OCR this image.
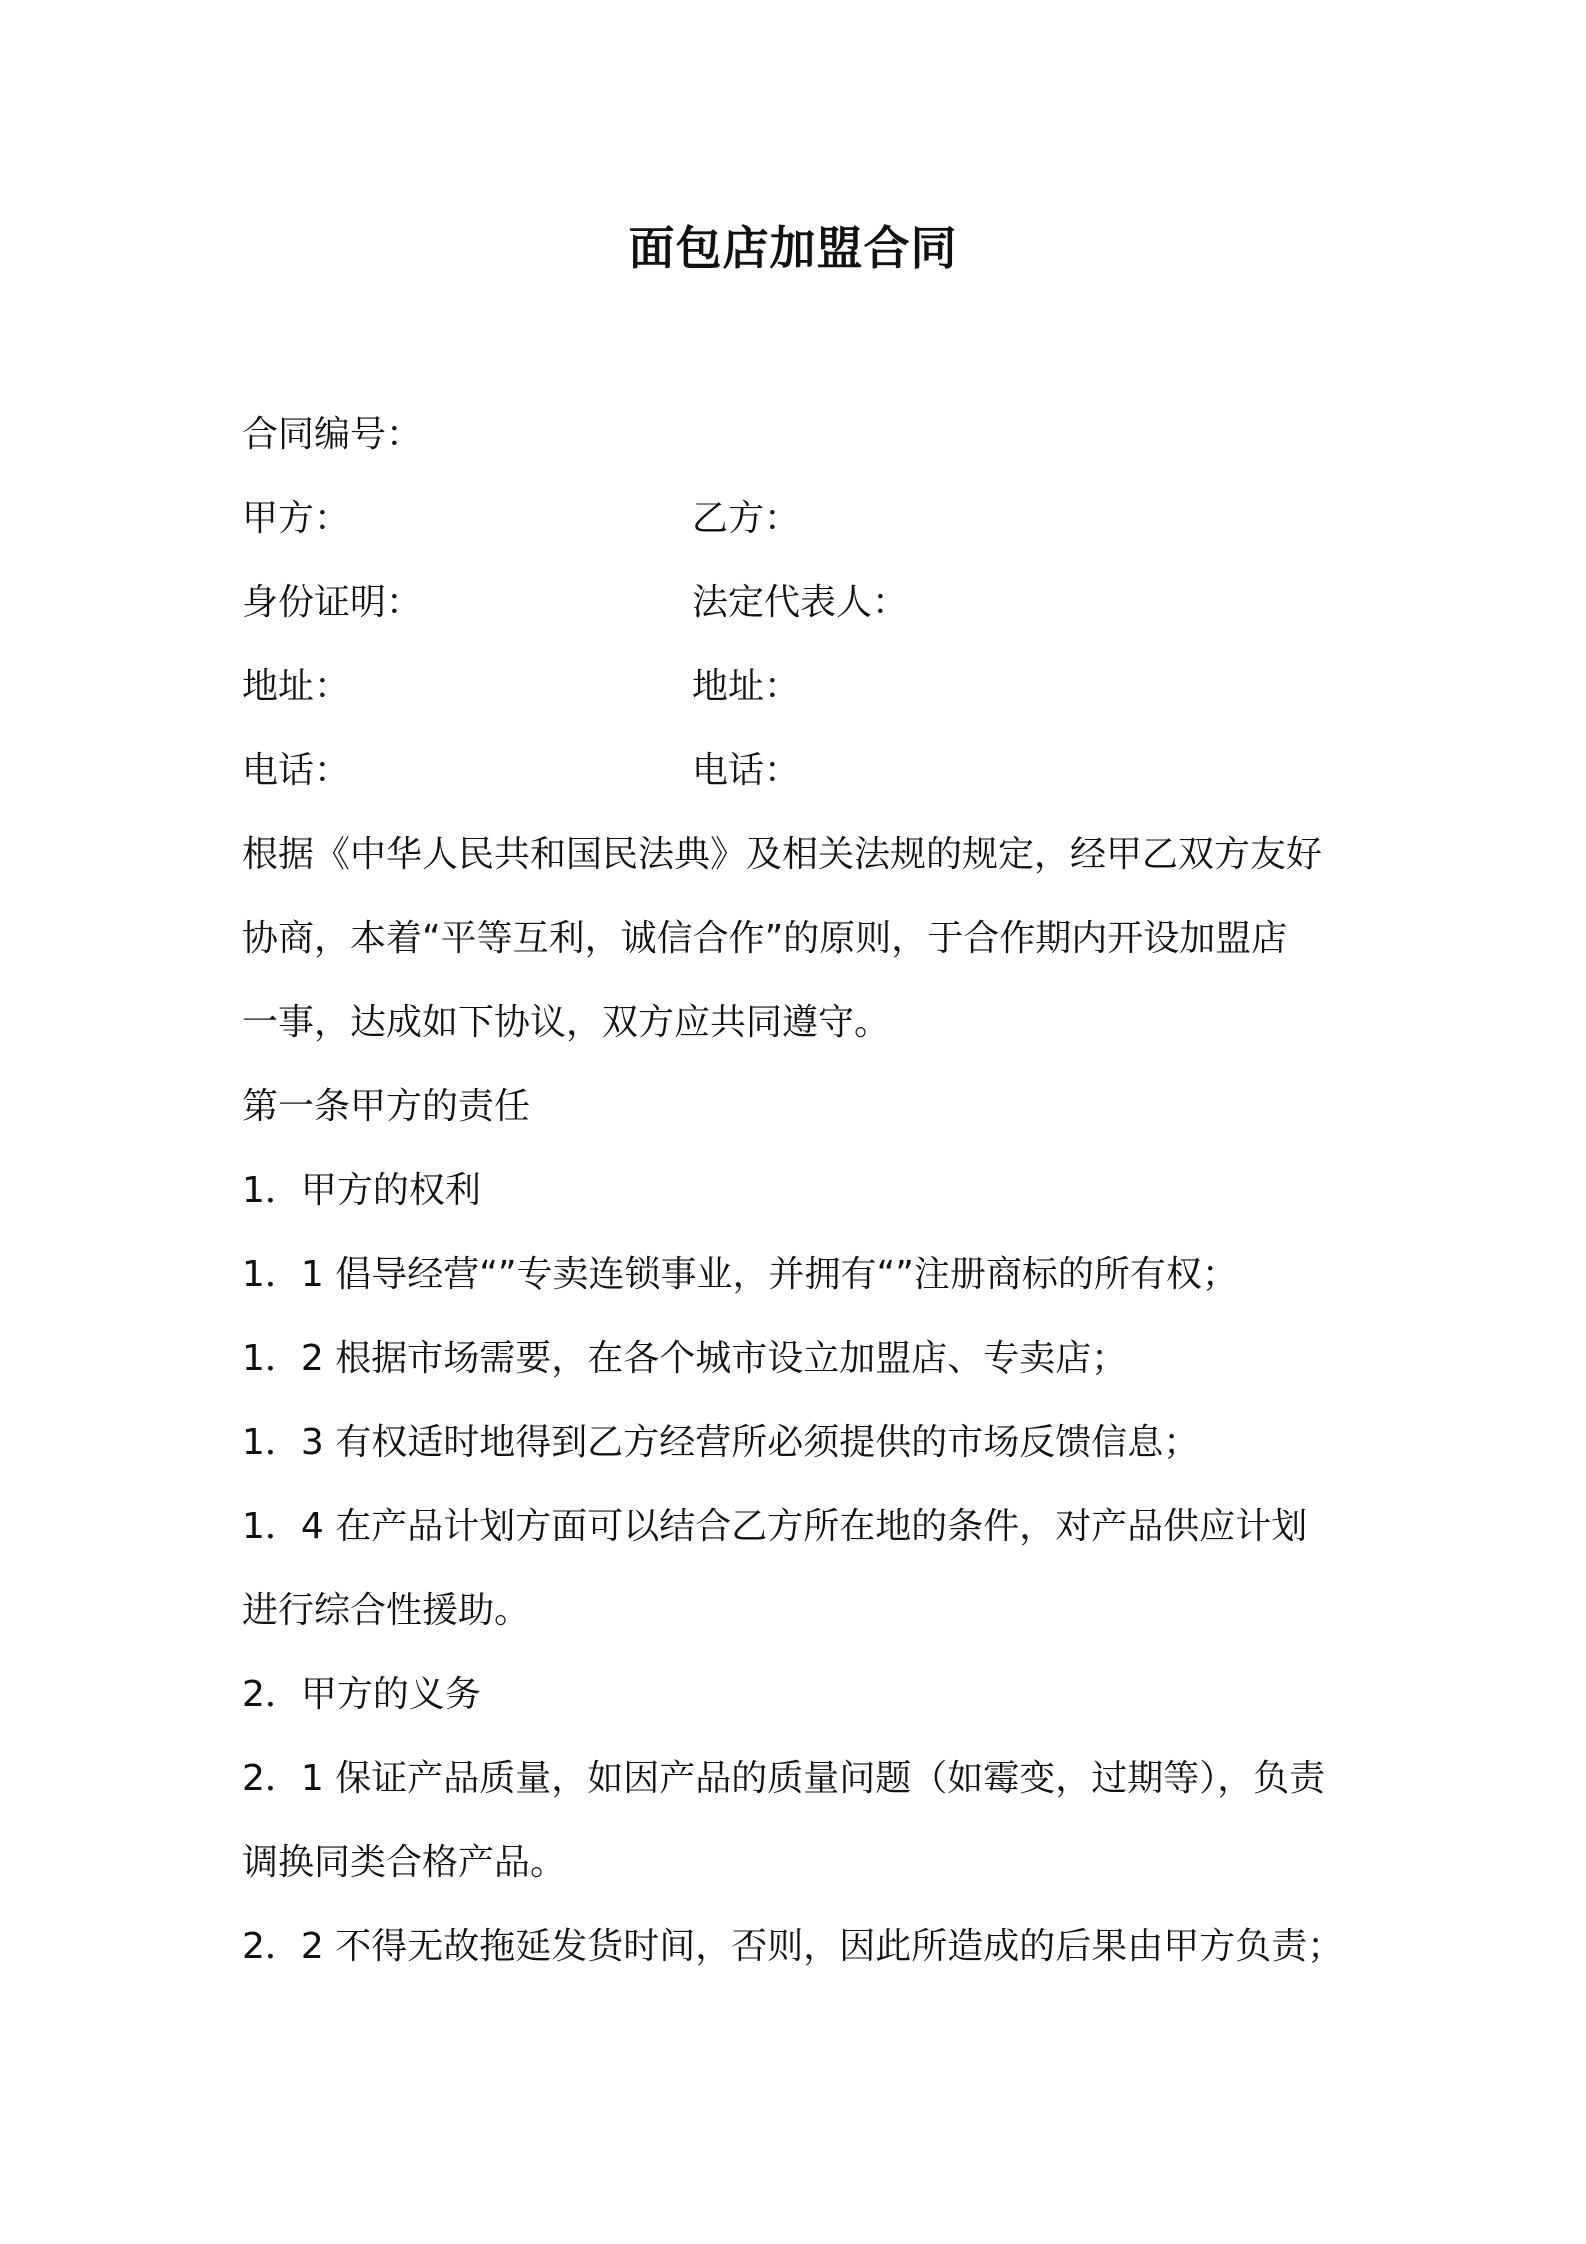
面包店加盟合同
合同编号：
甲方：	乙方：
身份证明：	法定代表人：
地址：	地址：
电话：	电话：
根据《中华人民共和国民法典》及相关法规的规定，经甲乙双方友好
协商，本着“平等互利，诚信合作”的原则，于合作期内开设加盟店
一事，达成如下协议，双方应共同遵守。
第一条甲方的责任
1．甲方的权利
1．1 倡导经营“”专卖连锁事业，并拥有“”注册商标的所有权；
1．2 根据市场需要，在各个城市设立加盟店、专卖店；
1．3 有权适时地得到乙方经营所必须提供的市场反馈信息；
1．4 在产品计划方面可以结合乙方所在地的条件，对产品供应计划
进行综合性援助。
2．甲方的义务
2．1 保证产品质量，如因产品的质量问题（如霉变，过期等），负责
调换同类合格产品。
2．2 不得无故拖延发货时间，否则，因此所造成的后果由甲方负责；
